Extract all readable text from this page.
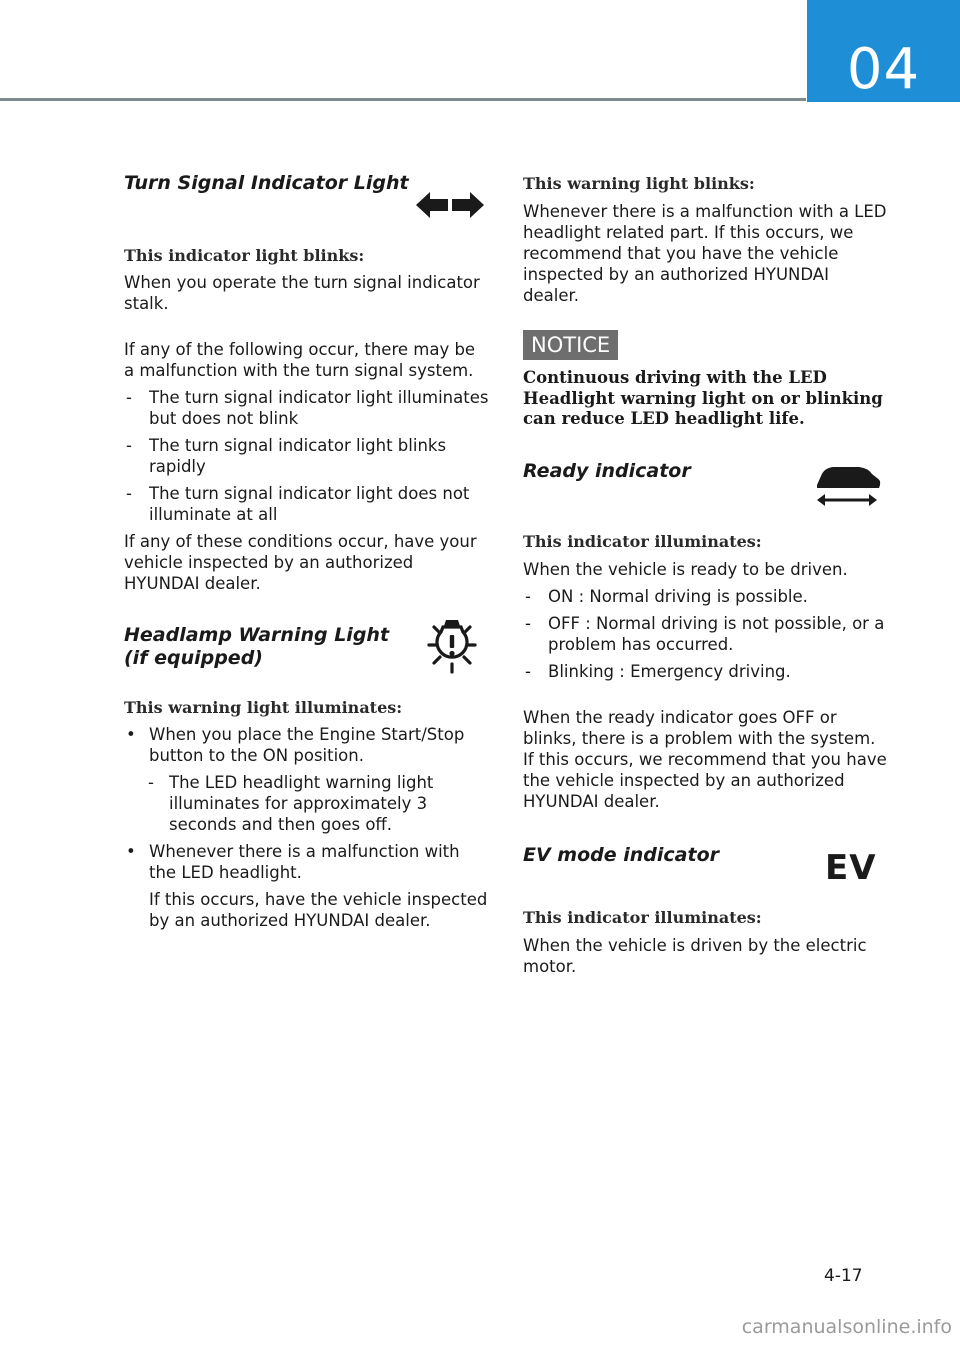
04

Turn Signal Indicator Light

This indicator light blinks:

When you operate the turn signal indicator stalk.

If any of the following occur, there may be a malfunction with the turn signal system.

- The turn signal indicator light illuminates but does not blink
- The turn signal indicator light blinks rapidly
- The turn signal indicator light does not illuminate at all

If any of these conditions occur, have your vehicle inspected by an authorized HYUNDAI dealer.

Headlamp Warning Light

(if equipped)

This warning light illuminates:

• When you place the Engine Start/Stop button to the ON position.
- The LED headlight warning light illuminates for approximately 3 seconds and then goes off.
• Whenever there is a malfunction with the LED headlight.

If this occurs, have the vehicle inspected by an authorized HYUNDAI dealer.

This warning light blinks:

Whenever there is a malfunction with a LED headlight related part. If this occurs, we recommend that you have the vehicle inspected by an authorized HYUNDAI dealer.

NOTICE

Continuous driving with the LED Headlight warning light on or blinking can reduce LED headlight life.

Ready indicator

This indicator illuminates:

When the vehicle is ready to be driven.

- ON : Normal driving is possible.
- OFF : Normal driving is not possible, or a problem has occurred.
- Blinking : Emergency driving.

When the ready indicator goes OFF or blinks, there is a problem with the system. If this occurs, we recommend that you have the vehicle inspected by an authorized HYUNDAI dealer.

EV mode indicator	EV

This indicator illuminates:

When the vehicle is driven by the electric motor.

4-17
carmanualsonline.info
